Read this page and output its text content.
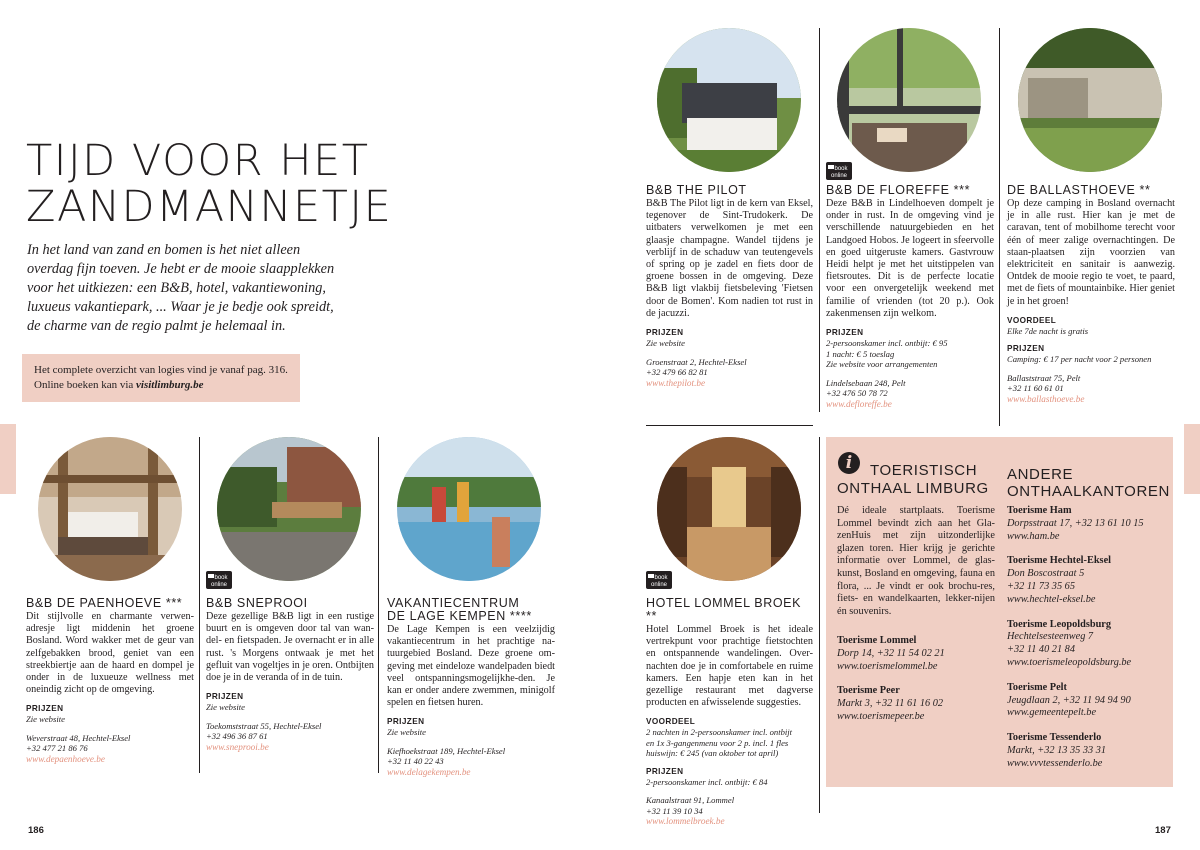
TIJD VOOR HET
ZANDMANNETJE
In het land van zand en bomen is het niet alleen overdag fijn toeven. Je hebt er de mooie slaapplekken voor het uitkiezen: een B&B, hotel, vakantiewoning, luxueus vakantiepark, ... Waar je je bedje ook spreidt, de charme van de regio palmt je helemaal in.
Het complete overzicht van logies vind je vanaf pag. 316.
Online boeken kan via visitlimburg.be
book
online
B&B DE PAENHOEVE ***
Dit stijlvolle en charmante verwen-adresje ligt middenin het groene Bosland. Word wakker met de geur van zelfgebakken brood, geniet van een streekbiertje aan de haard en dompel je onder in de luxueuze wellness met oneindig zicht op de omgeving.
PRIJZEN
Zie website
Weverstraat 48, Hechtel-Eksel
+32 477 21 86 76
www.depaenhoeve.be
B&B SNEPROOI
Deze gezellige B&B ligt in een rustige buurt en is omgeven door tal van wan-del- en fietspaden. Je overnacht er in alle rust. 's Morgens ontwaak je met het gefluit van vogeltjes in je oren. Ontbijten doe je in de veranda of in de tuin.
PRIJZEN
Zie website
Toekomststraat 55, Hechtel-Eksel
+32 496 36 87 61
www.sneprooi.be
VAKANTIECENTRUM
DE LAGE KEMPEN ****
De Lage Kempen is een veelzijdig vakantiecentrum in het prachtige na-tuurgebied Bosland. Deze groene om-geving met eindeloze wandelpaden biedt veel ontspanningsmogelijkhe-den. Je kan er onder andere zwemmen, minigolf spelen en fietsen huren.
PRIJZEN
Zie website
Kiefhoekstraat 189, Hechtel-Eksel
+32 11 40 22 43
www.delagekempen.be
186
book
online
book
online
B&B THE PILOT
B&B The Pilot ligt in de kern van Eksel, tegenover de Sint-Trudokerk. De uitbaters verwelkomen je met een glaasje champagne. Wandel tijdens je verblijf in de schaduw van teutengevels of spring op je zadel en fiets door de groene bossen in de omgeving. Deze B&B ligt vlakbij fietsbeleving 'Fietsen door de Bomen'. Kom nadien tot rust in de jacuzzi.
PRIJZEN
Zie website
Groenstraat 2, Hechtel-Eksel
+32 479 66 82 81
www.thepilot.be
B&B DE FLOREFFE ***
Deze B&B in Lindelhoeven dompelt je onder in rust. In de omgeving vind je verschillende natuurgebieden en het Landgoed Hobos. Je logeert in sfeervolle en goed uitgeruste kamers. Gastvrouw Heidi helpt je met het uitstippelen van fietsroutes. Dit is de perfecte locatie voor een onvergetelijk weekend met familie of vrienden (tot 20 p.). Ook zakenmensen zijn welkom.
PRIJZEN
2-persoonskamer incl. ontbijt: € 95
1 nacht: € 5 toeslag
Zie website voor arrangementen
Lindelsebaan 248, Pelt
+32 476 50 78 72
www.defloreffe.be
DE BALLASTHOEVE **
Op deze camping in Bosland overnacht je in alle rust. Hier kan je met de caravan, tent of mobilhome terecht voor één of meer zalige overnachtingen. De staan-plaatsen zijn voorzien van elektriciteit en sanitair is aanwezig. Ontdek de mooie regio te voet, te paard, met de fiets of mountainbike. Hier geniet je in het groen!
VOORDEEL
Elke 7de nacht is gratis
PRIJZEN
Camping: € 17 per nacht voor 2 personen
Ballaststraat 75, Pelt
+32 11 60 61 01
www.ballasthoeve.be
HOTEL LOMMEL BROEK **
Hotel Lommel Broek is het ideale vertrekpunt voor prachtige fietstochten en ontspannende wandelingen. Over-nachten doe je in comfortabele en ruime kamers. Een hapje eten kan in het gezellige restaurant met dagverse producten en afwisselende suggesties.
VOORDEEL
2 nachten in 2-persoonskamer incl. ontbijt
en 1x 3-gangenmenu voor 2 p. incl. 1 fles
huiswijn: € 245 (van oktober tot april)
PRIJZEN
2-persoonskamer incl. ontbijt: € 84
Kanaalstraat 91, Lommel
+32 11 39 10 34
www.lommelbroek.be
i	TOERISTISCH
ONTHAAL LIMBURG
Dé ideale startplaats. Toerisme Lommel bevindt zich aan het Gla-zenHuis met zijn uitzonderlijke glazen toren. Hier krijg je gerichte informatie over Lommel, de glas-kunst, Bosland en omgeving, fauna en flora, ... Je vindt er ook brochu-res, fiets- en wandelkaarten, lekker-nijen én souvenirs.
Toerisme Lommel
Dorp 14, +32 11 54 02 21
www.toerismelommel.be
Toerisme Peer
Markt 3, +32 11 61 16 02
www.toerismepeer.be
ANDERE
ONTHAALKANTOREN
Toerisme Ham
Dorpsstraat 17, +32 13 61 10 15
www.ham.be
Toerisme Hechtel-Eksel
Don Boscostraat 5
+32 11 73 35 65
www.hechtel-eksel.be
Toerisme Leopoldsburg
Hechtelsesteenweg 7
+32 11 40 21 84
www.toerismeleopoldsburg.be
Toerisme Pelt
Jeugdlaan 2, +32 11 94 94 90
www.gemeentepelt.be
Toerisme Tessenderlo
Markt, +32 13 35 33 31
www.vvvtessenderlo.be
187
